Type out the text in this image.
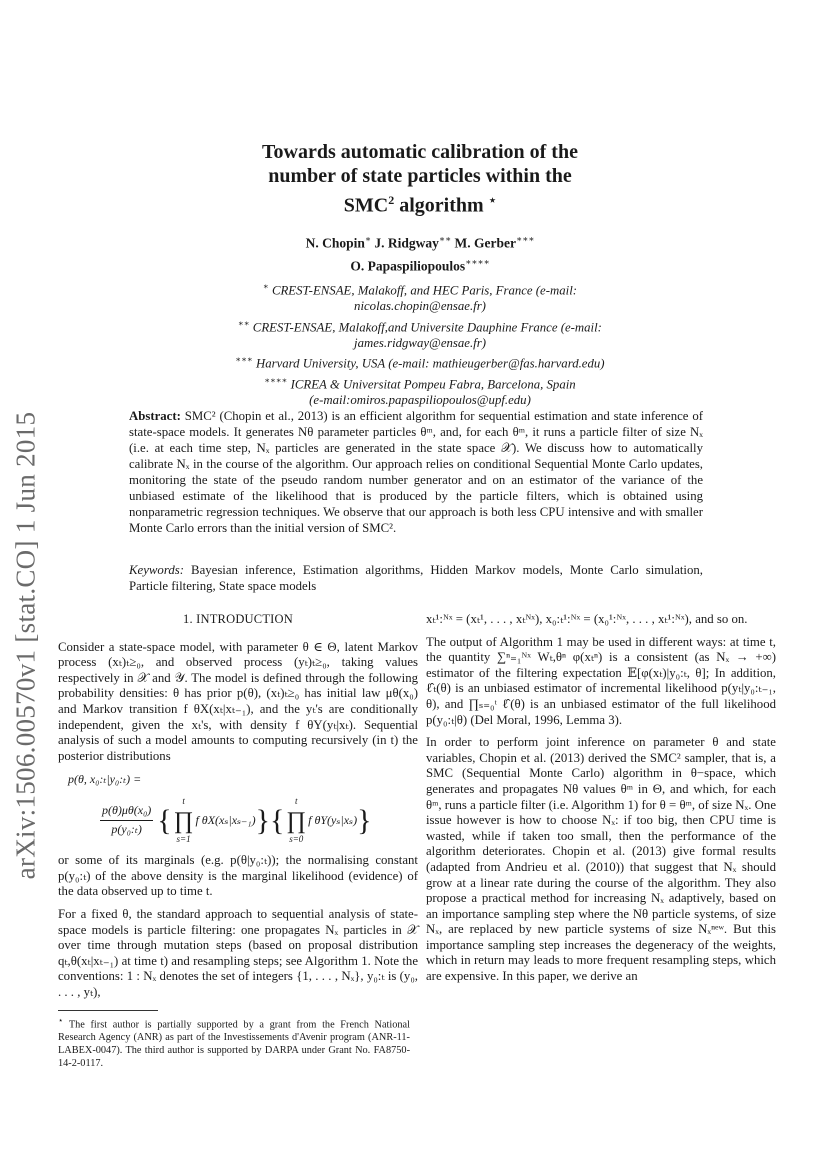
arXiv:1506.00570v1 [stat.CO] 1 Jun 2015
Towards automatic calibration of the
number of state particles within the
SMC$^2$ algorithm ⋆
N. Chopin∗ J. Ridgway∗∗ M. Gerber∗∗∗
O. Papaspiliopoulos∗∗∗∗

∗ CREST-ENSAE, Malakoff, and HEC Paris, France (e-mail:

nicolas.chopin@ensae.fr)

∗∗ CREST-ENSAE, Malakoff,and Universite Dauphine France (e-mail:

james.ridgway@ensae.fr)

∗∗∗ Harvard University, USA (e-mail: mathieugerber@fas.harvard.edu)

∗∗∗∗ ICREA & Universitat Pompeu Fabra, Barcelona, Spain

(e-mail:omiros.papaspiliopoulos@upf.edu)

Abstract: SMC² (Chopin et al., 2013) is an efficient algorithm for sequential estimation and state inference of state-space models. It generates Nθ parameter particles θᵐ, and, for each θᵐ, it runs a particle filter of size Nₓ (i.e. at each time step, Nₓ particles are generated in the state space 𝒳). We discuss how to automatically calibrate Nₓ in the course of the algorithm. Our approach relies on conditional Sequential Monte Carlo updates, monitoring the state of the pseudo random number generator and on an estimator of the variance of the unbiased estimate of the likelihood that is produced by the particle filters, which is obtained using nonparametric regression techniques. We observe that our approach is both less CPU intensive and with smaller Monte Carlo errors than the initial version of SMC².
Keywords: Bayesian inference, Estimation algorithms, Hidden Markov models, Monte Carlo simulation, Particle filtering, State space models
1. INTRODUCTION

Consider a state-space model, with parameter θ ∈ Θ, latent Markov process (xₜ)ₜ≥₀, and observed process (yₜ)ₜ≥₀, taking values respectively in 𝒳 and 𝒴. The model is defined through the following probability densities: θ has prior p(θ), (xₜ)ₜ≥₀ has initial law μθ(x₀) and Markov transition f θX(xₜ|xₜ₋₁), and the yₜ's are conditionally independent, given the xₜ's, with density f θY(yₜ|xₜ). Sequential analysis of such a model amounts to computing recursively (in t) the posterior distributions

p(θ, x₀:ₜ|y₀:ₜ) =
$\frac{\text{p(θ)μθ(x₀)}}{\text{p(y₀:ₜ)}}$ {
t
∏
s=1
f θX(xₛ|xₛ₋₁) } {
t
∏
s=0
f θY(yₛ|xₛ) }

or some of its marginals (e.g. p(θ|y₀:ₜ)); the normalising constant p(y₀:ₜ) of the above density is the marginal likelihood (evidence) of the data observed up to time t.

For a fixed θ, the standard approach to sequential analysis of state-space models is particle filtering: one propagates Nₓ particles in 𝒳 over time through mutation steps (based on proposal distribution qₜ,θ(xₜ|xₜ₋₁) at time t) and resampling steps; see Algorithm 1. Note the conventions: 1 : Nₓ denotes the set of integers {1, . . . , Nₓ}, y₀:ₜ is (y₀, . . . , yₜ),

xₜ¹:ᴺˣ = (xₜ¹, . . . , xₜᴺˣ), x₀:ₜ¹:ᴺˣ = (x₀¹:ᴺˣ, . . . , xₜ¹:ᴺˣ), and so on.

The output of Algorithm 1 may be used in different ways: at time t, the quantity ∑ⁿ₌₁ᴺˣ Wₜ,θⁿ φ(xₜⁿ) is a consistent (as Nₓ → +∞) estimator of the filtering expectation 𝔼[φ(xₜ)|y₀:ₜ, θ]; In addition, ℓ̂ₜ(θ) is an unbiased estimator of incremental likelihood p(yₜ|y₀:ₜ₋₁, θ), and ∏ₛ₌₀ᵗ ℓ̂(θ) is an unbiased estimator of the full likelihood p(y₀:ₜ|θ) (Del Moral, 1996, Lemma 3).

In order to perform joint inference on parameter θ and state variables, Chopin et al. (2013) derived the SMC² sampler, that is, a SMC (Sequential Monte Carlo) algorithm in θ−space, which generates and propagates Nθ values θᵐ in Θ, and which, for each θᵐ, runs a particle filter (i.e. Algorithm 1) for θ = θᵐ, of size Nₓ. One issue however is how to choose Nₓ: if too big, then CPU time is wasted, while if taken too small, then the performance of the algorithm deteriorates. Chopin et al. (2013) give formal results (adapted from Andrieu et al. (2010)) that suggest that Nₓ should grow at a linear rate during the course of the algorithm. They also propose a practical method for increasing Nₓ adaptively, based on an importance sampling step where the Nθ particle systems, of size Nₓ, are replaced by new particle systems of size Nₓⁿᵉʷ. But this importance sampling step increases the degeneracy of the weights, which in return may leads to more frequent resampling steps, which are expensive. In this paper, we derive an

⋆ The first author is partially supported by a grant from the French National Research Agency (ANR) as part of the Investissements d'Avenir program (ANR-11-LABEX-0047). The third author is supported by DARPA under Grant No. FA8750-14-2-0117.
